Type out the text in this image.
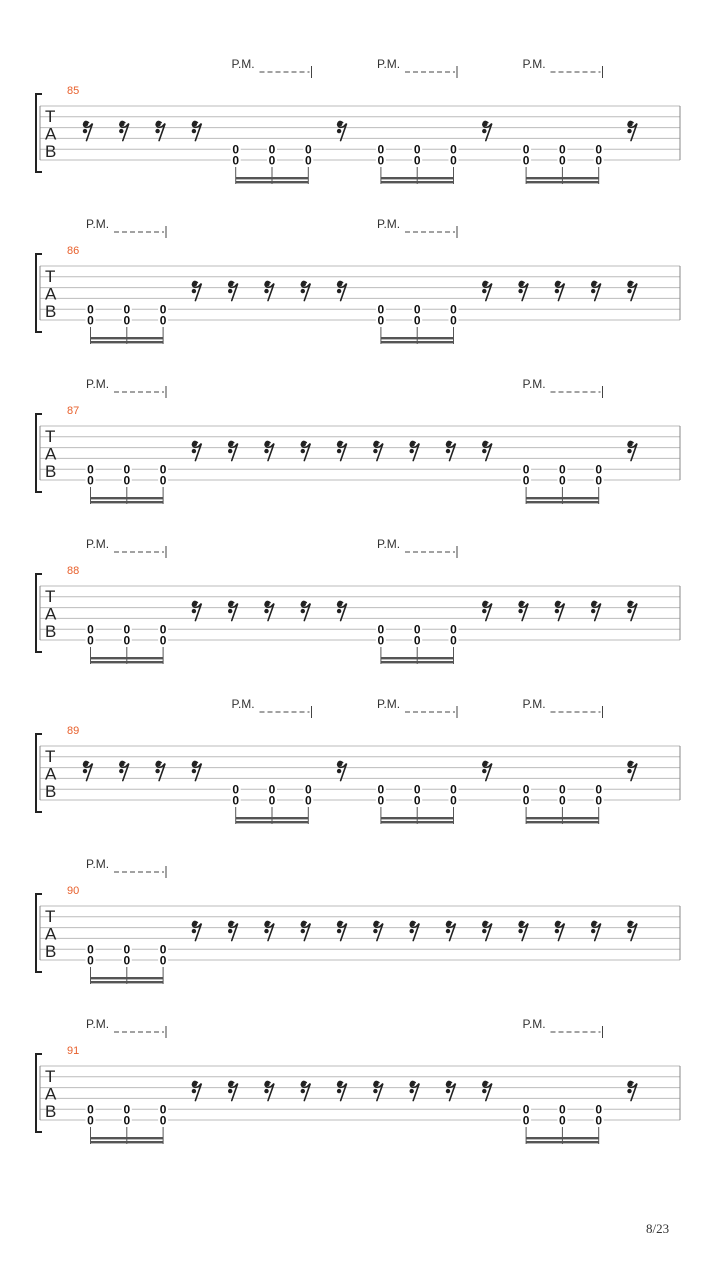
P.M.	P.M.	P.M.
85
T
A
B	0
0
0
0
0
0
0
0
0
0
0
0
0
0
0
0
0
0
P.M.	P.M.
86
T
A
B	0
0
0
0
0
0
0
0
0
0
0
0
P.M.	P.M.
87
T
A
B	0
0
0
0
0
0
0
0
0
0
0
0
P.M.	P.M.
88
T
A
B	0
0
0
0
0
0
0
0
0
0
0
0
P.M.	P.M.	P.M.
89
T
A
B	0
0
0
0
0
0
0
0
0
0
0
0
0
0
0
0
0
0
P.M.
90
T
A
B	0
0
0
0
0
0
P.M.	P.M.
91
T
A
B	0
0
0
0
0
0
0
0
0
0
0
0
8/23
